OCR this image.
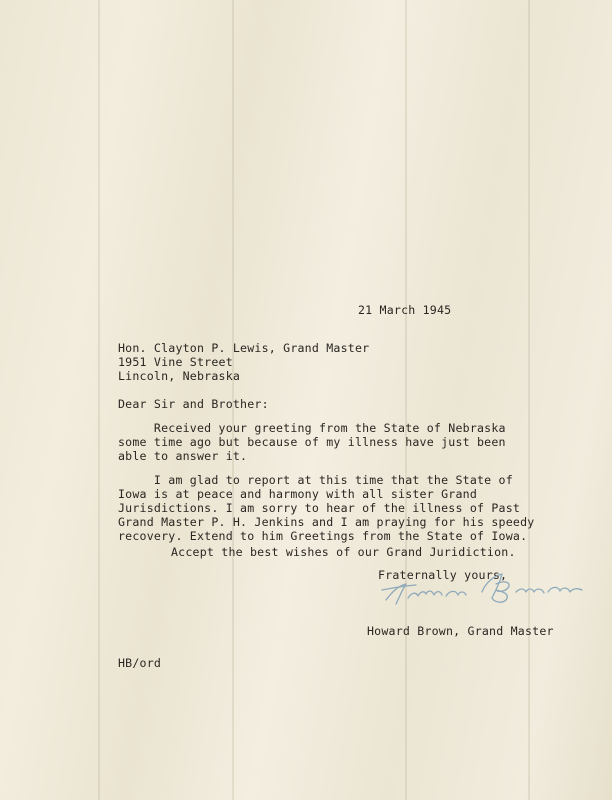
21 March 1945
Hon. Clayton P. Lewis, Grand Master
1951 Vine Street
Lincoln, Nebraska
Dear Sir and Brother:
Received your greeting from the State of Nebraska
some time ago but because of my illness have just been
able to answer it.
I am glad to report at this time that the State of
Iowa is at peace and harmony with all sister Grand
Jurisdictions. I am sorry to hear of the illness of Past
Grand Master P. H. Jenkins and I am praying for his speedy
recovery. Extend to him Greetings from the State of Iowa.
Accept the best wishes of our Grand Juridiction.
Fraternally yours,
Howard Brown, Grand Master
HB/ord
